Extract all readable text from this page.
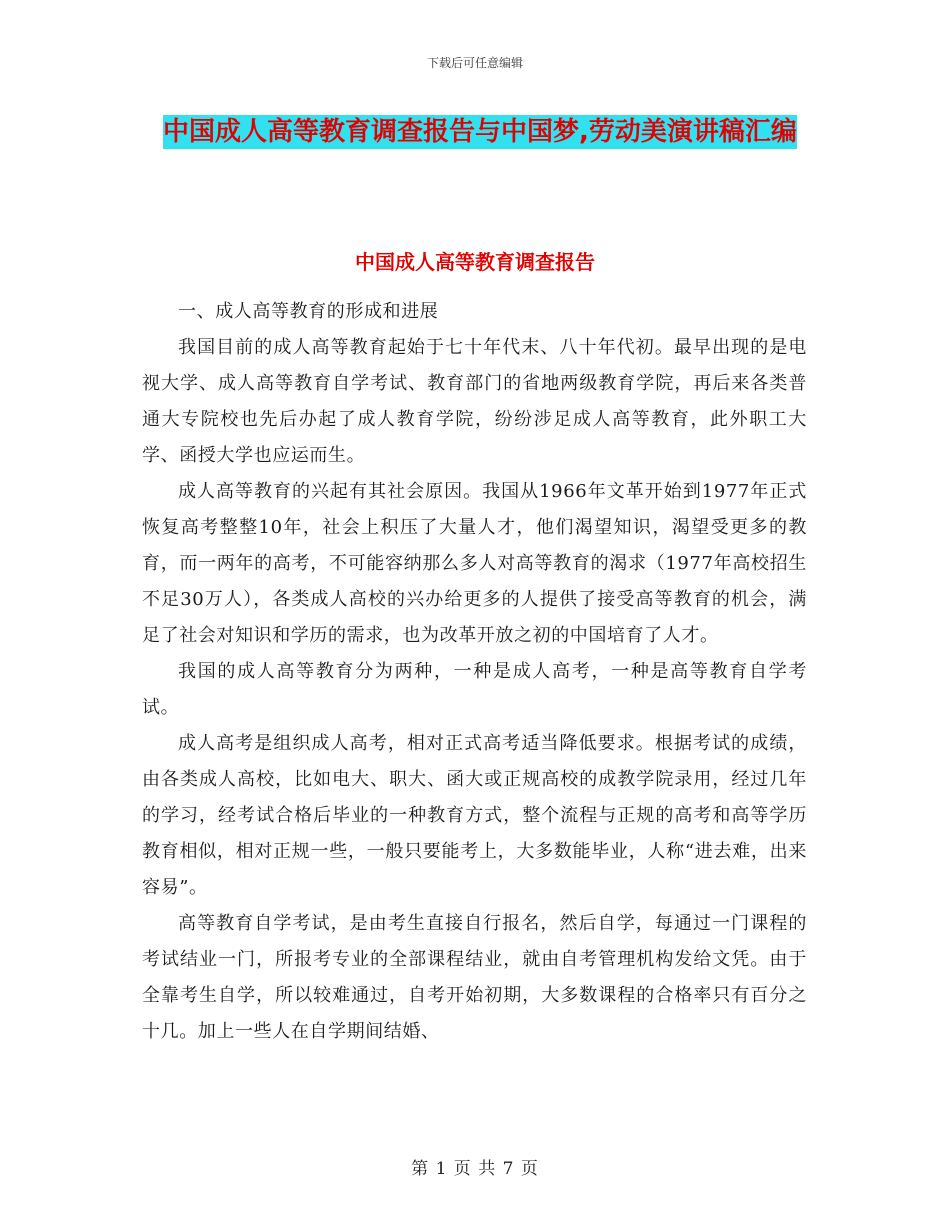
下载后可任意编辑
中国成人高等教育调查报告与中国梦,劳动美演讲稿汇编
中国成人高等教育调查报告

一、成人高等教育的形成和进展

我国目前的成人高等教育起始于七十年代末、八十年代初。最早出现的是电视大学、成人高等教育自学考试、教育部门的省地两级教育学院，再后来各类普通大专院校也先后办起了成人教育学院，纷纷涉足成人高等教育，此外职工大学、函授大学也应运而生。

成人高等教育的兴起有其社会原因。我国从1966年文革开始到1977年正式恢复高考整整10年，社会上积压了大量人才，他们渴望知识，渴望受更多的教育，而一两年的高考，不可能容纳那么多人对高等教育的渴求（1977年高校招生不足30万人），各类成人高校的兴办给更多的人提供了接受高等教育的机会，满足了社会对知识和学历的需求，也为改革开放之初的中国培育了人才。

我国的成人高等教育分为两种，一种是成人高考，一种是高等教育自学考试。

成人高考是组织成人高考，相对正式高考适当降低要求。根据考试的成绩，由各类成人高校，比如电大、职大、函大或正规高校的成教学院录用，经过几年的学习，经考试合格后毕业的一种教育方式，整个流程与正规的高考和高等学历教育相似，相对正规一些，一般只要能考上，大多数能毕业，人称“进去难，出来容易”。

高等教育自学考试，是由考生直接自行报名，然后自学，每通过一门课程的考试结业一门，所报考专业的全部课程结业，就由自考管理机构发给文凭。由于全靠考生自学，所以较难通过，自考开始初期，大多数课程的合格率只有百分之十几。加上一些人在自学期间结婚、

第 1 页 共 7 页
